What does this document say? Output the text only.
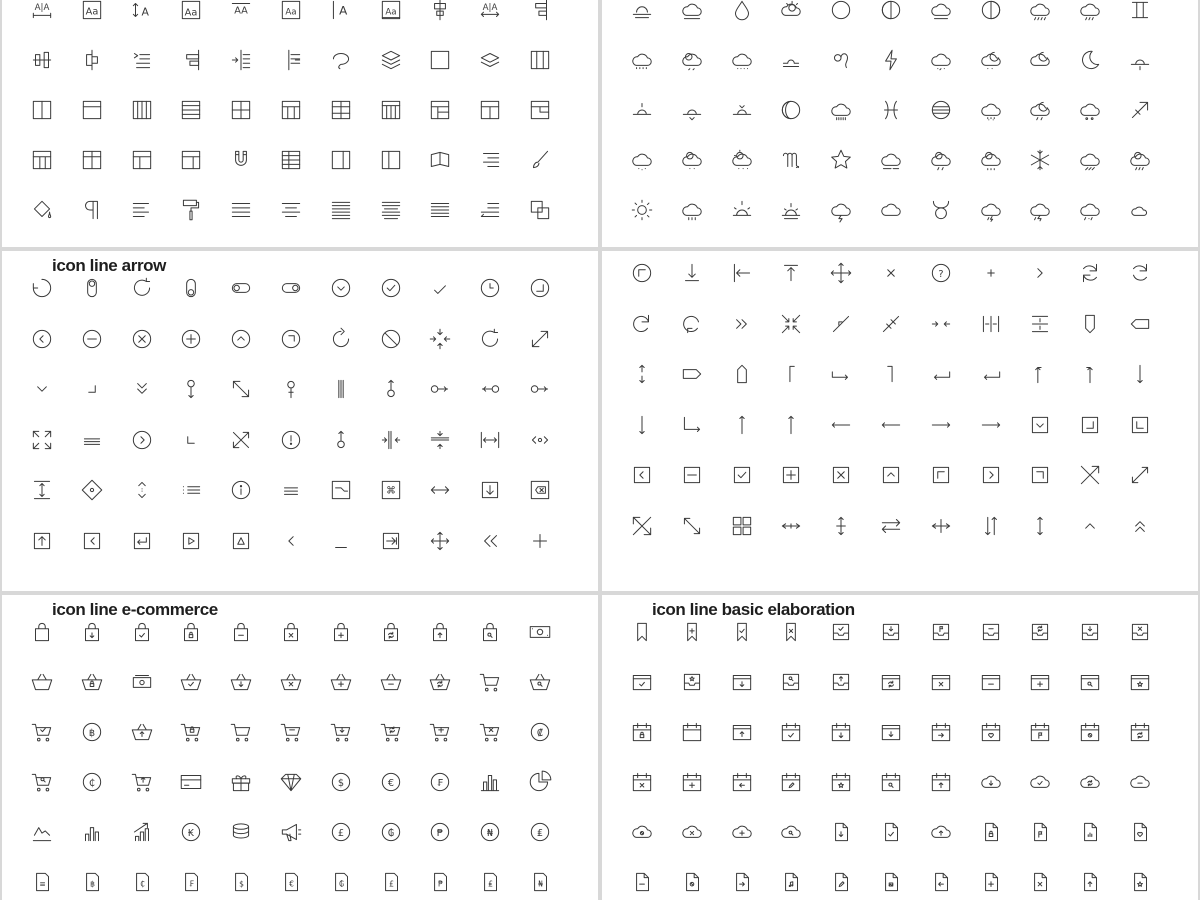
A|A	Aa	A	Aa	AA	Aa	A	Aa	A|A
icon line arrow
⌘
?
icon line e-commerce
฿	₡
₵	$	€	₣
₭	£	₲	₱	₦	₤
≡	฿	₵	₣	$	€	₲	£	₱	₤	₦
icon line basic elaboration
